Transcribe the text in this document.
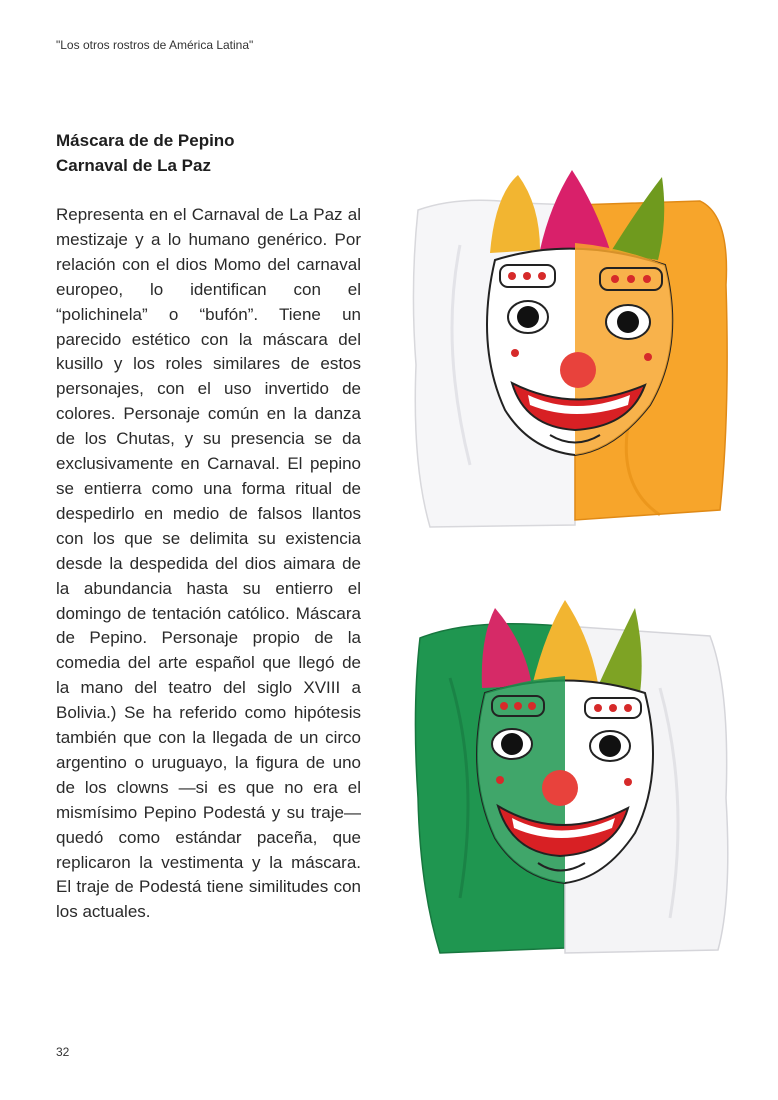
"Los otros rostros de América Latina"
Máscara de de Pepino
Carnaval de La Paz
Representa en el Carnaval de La Paz al mestizaje y a lo humano genérico. Por relación con el dios Momo del carnaval europeo, lo identifican con el “polichinela” o “bufón”. Tiene un parecido estético con la máscara del kusillo y los roles similares de estos personajes, con el uso invertido de colores. Personaje común en la danza de los Chutas, y su presencia se da exclusivamente en Carnaval. El pepino se entierra como una forma ritual de despedirlo en medio de falsos llantos con los que se delimita su existencia desde la despedida del dios aimara de la abundancia hasta su entierro el domingo de tentación católico. Máscara de Pepino. Personaje propio de la comedia del arte español que llegó de la mano del teatro del siglo XVIII a Bolivia.) Se ha referido como hipótesis también que con la llegada de un circo argentino o uruguayo, la figura de uno de los clowns —si es que no era el mismísimo Pepino Podestá y su traje— quedó como estándar paceña, que replicaron la vestimenta y la máscara. El traje de Podestá tiene similitudes con los actuales.
32
